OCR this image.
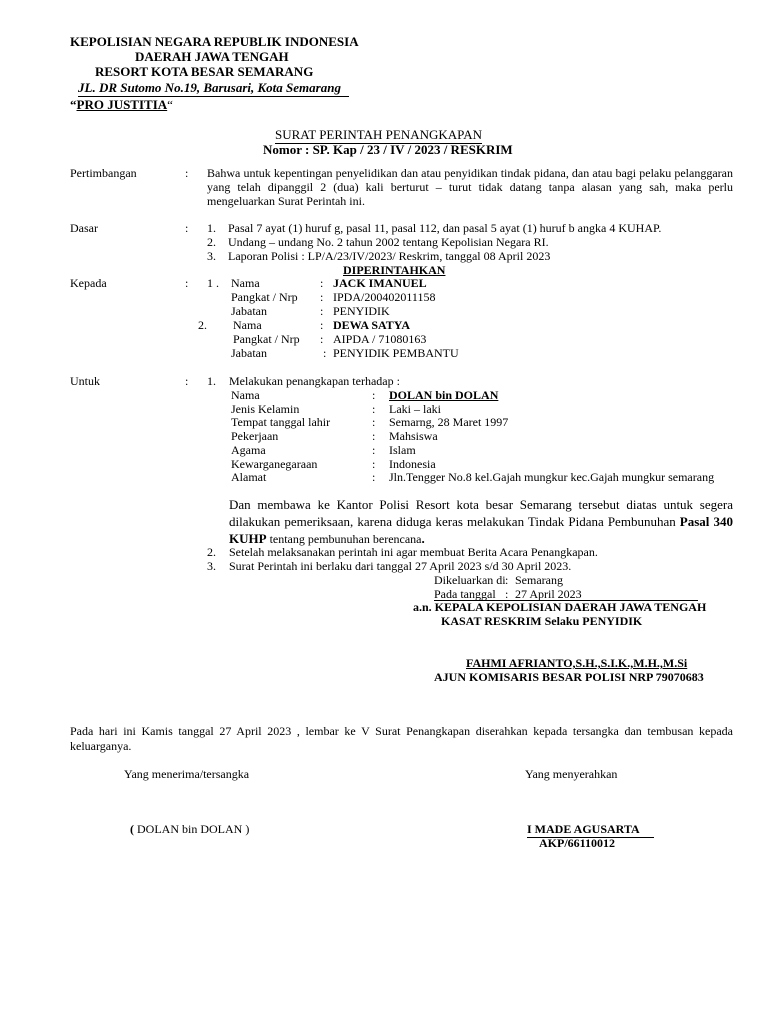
KEPOLISIAN NEGARA REPUBLIK INDONESIA
DAERAH JAWA TENGAH
RESORT KOTA BESAR SEMARANG
JL. DR Sutomo No.19, Barusari, Kota Semarang
“PRO JUSTITIA“
SURAT PERINTAH PENANGKAPAN
Nomor : SP. Kap / 23 / IV / 2023 / RESKRIM
Pertimbangan	: Bahwa untuk kepentingan penyelidikan dan atau penyidikan tindak pidana, dan atau bagi pelaku pelanggaran yang telah dipanggil 2 (dua) kali berturut – turut tidak datang tanpa alasan yang sah, maka perlu mengeluarkan Surat Perintah ini.
Dasar	: 1. Pasal 7 ayat (1) huruf g, pasal 11, pasal 112, dan pasal 5 ayat (1) huruf b angka 4 KUHAP.
2. Undang – undang No. 2 tahun 2002 tentang Kepolisian Negara RI.
3. Laporan Polisi : LP/A/23/IV/2023/ Reskrim, tanggal 08 April 2023
DIPERINTAHKAN
Kepada	: 1 . Nama	: JACK IMANUEL
Pangkat / Nrp : IPDA/200402011158
Jabatan	: PENYIDIK
2. Nama	: DEWA SATYA
Pangkat / Nrp : AIPDA / 71080163
Jabatan	: PENYIDIK PEMBANTU
Untuk	: 1. Melakukan penangkapan terhadap :
Nama	: DOLAN bin DOLAN
Jenis Kelamin	: Laki – laki
Tempat tanggal lahir	: Semarng, 28 Maret 1997
Pekerjaan	: Mahsiswa
Agama	: Islam
Kewarganegaraan	: Indonesia
Alamat	: Jln.Tengger No.8 kel.Gajah mungkur kec.Gajah mungkur semarang
Dan membawa ke Kantor Polisi Resort kota besar Semarang tersebut diatas untuk segera dilakukan pemeriksaan, karena diduga keras melakukan Tindak Pidana Pembunuhan Pasal 340 KUHP tentang pembunuhan berencana.
2. Setelah melaksanakan perintah ini agar membuat Berita Acara Penangkapan.
3. Surat Perintah ini berlaku dari tanggal 27 April 2023 s/d 30 April 2023.
Dikeluarkan di : Semarang
Pada tanggal : 27 April 2023
a.n. KEPALA KEPOLISIAN DAERAH JAWA TENGAH
KASAT RESKRIM Selaku PENYIDIK
FAHMI AFRIANTO,S.H.,S.I.K.,M.H.,M.Si
AJUN KOMISARIS BESAR POLISI NRP 79070683
Pada hari ini Kamis tanggal 27 April 2023 , lembar ke V Surat Penangkapan diserahkan kepada tersangka dan tembusan kepada keluarganya.
Yang menerima/tersangka	Yang menyerahkan
( DOLAN bin DOLAN )	I MADE AGUSARTA
AKP/66110012
